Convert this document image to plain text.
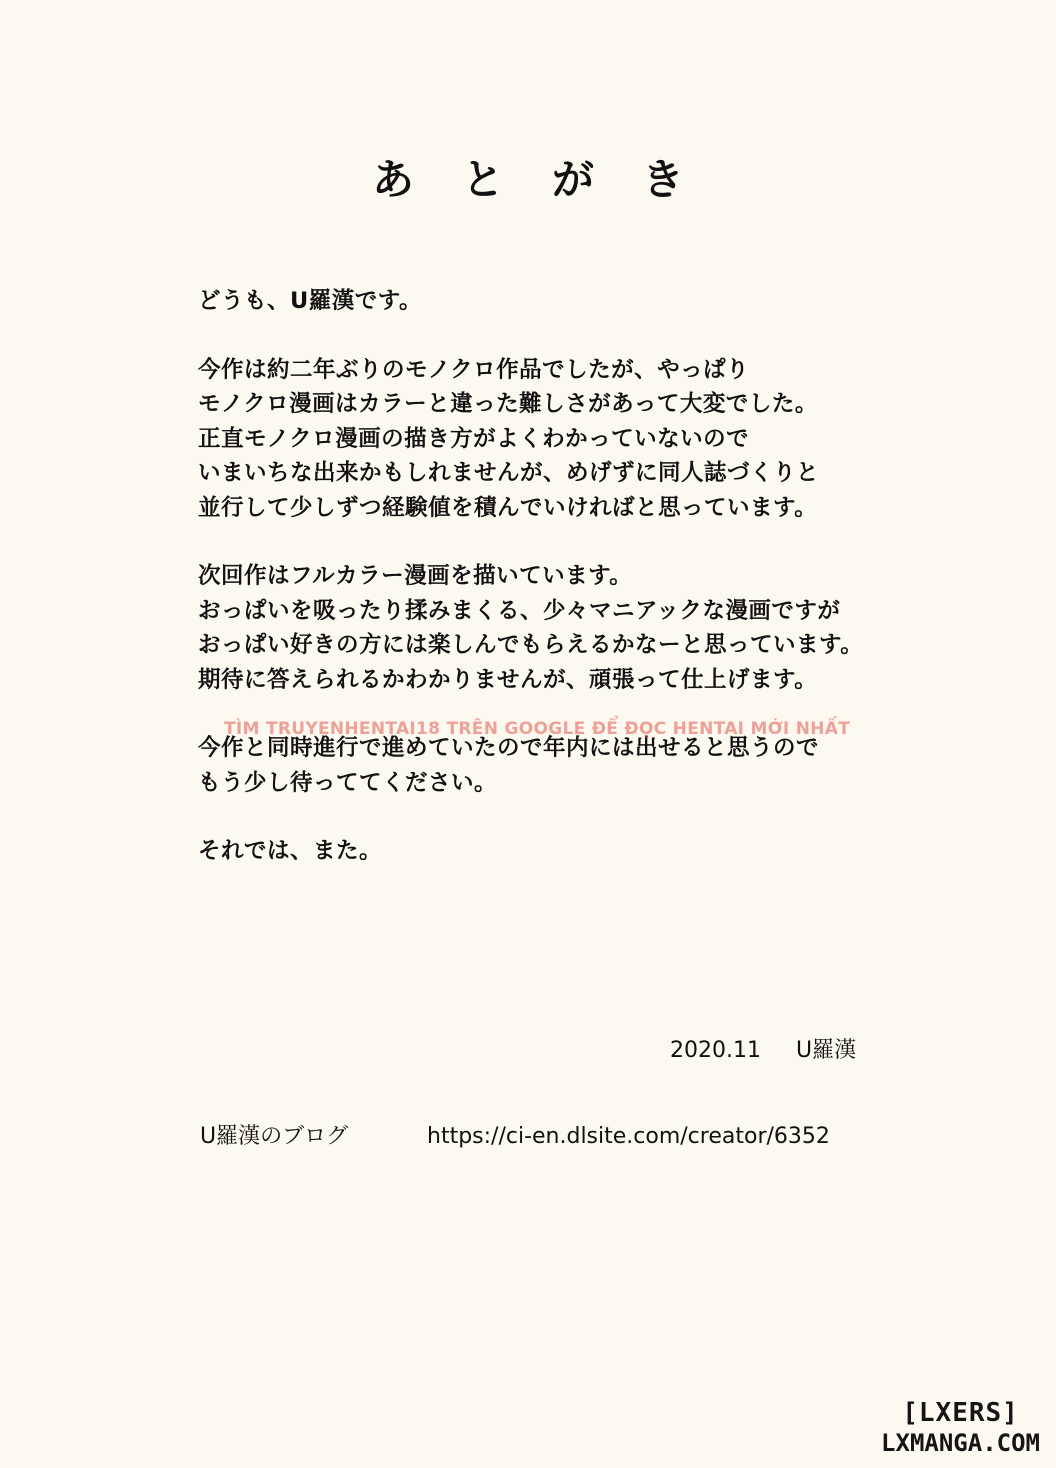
あとがき
どうも、U羅漢です。
今作は約二年ぶりのモノクロ作品でしたが、やっぱり
モノクロ漫画はカラーと違った難しさがあって大変でした。
正直モノクロ漫画の描き方がよくわかっていないので
いまいちな出来かもしれませんが、めげずに同人誌づくりと
並行して少しずつ経験値を積んでいければと思っています。
次回作はフルカラー漫画を描いています。
おっぱいを吸ったり揉みまくる、少々マニアックな漫画ですが
おっぱい好きの方には楽しんでもらえるかなーと思っています。
期待に答えられるかわかりませんが、頑張って仕上げます。
今作と同時進行で進めていたので年内には出せると思うので
もう少し待っててください。
それでは、また。
TÌM TRUYENHENTAI18 TRÊN GOOGLE ĐỂ ĐỌC HENTAI MỚI NHẤT
2020.11 U羅漢
U羅漢のブログ	https://ci-en.dlsite.com/creator/6352
[LXERS]
LXMANGA.COM
